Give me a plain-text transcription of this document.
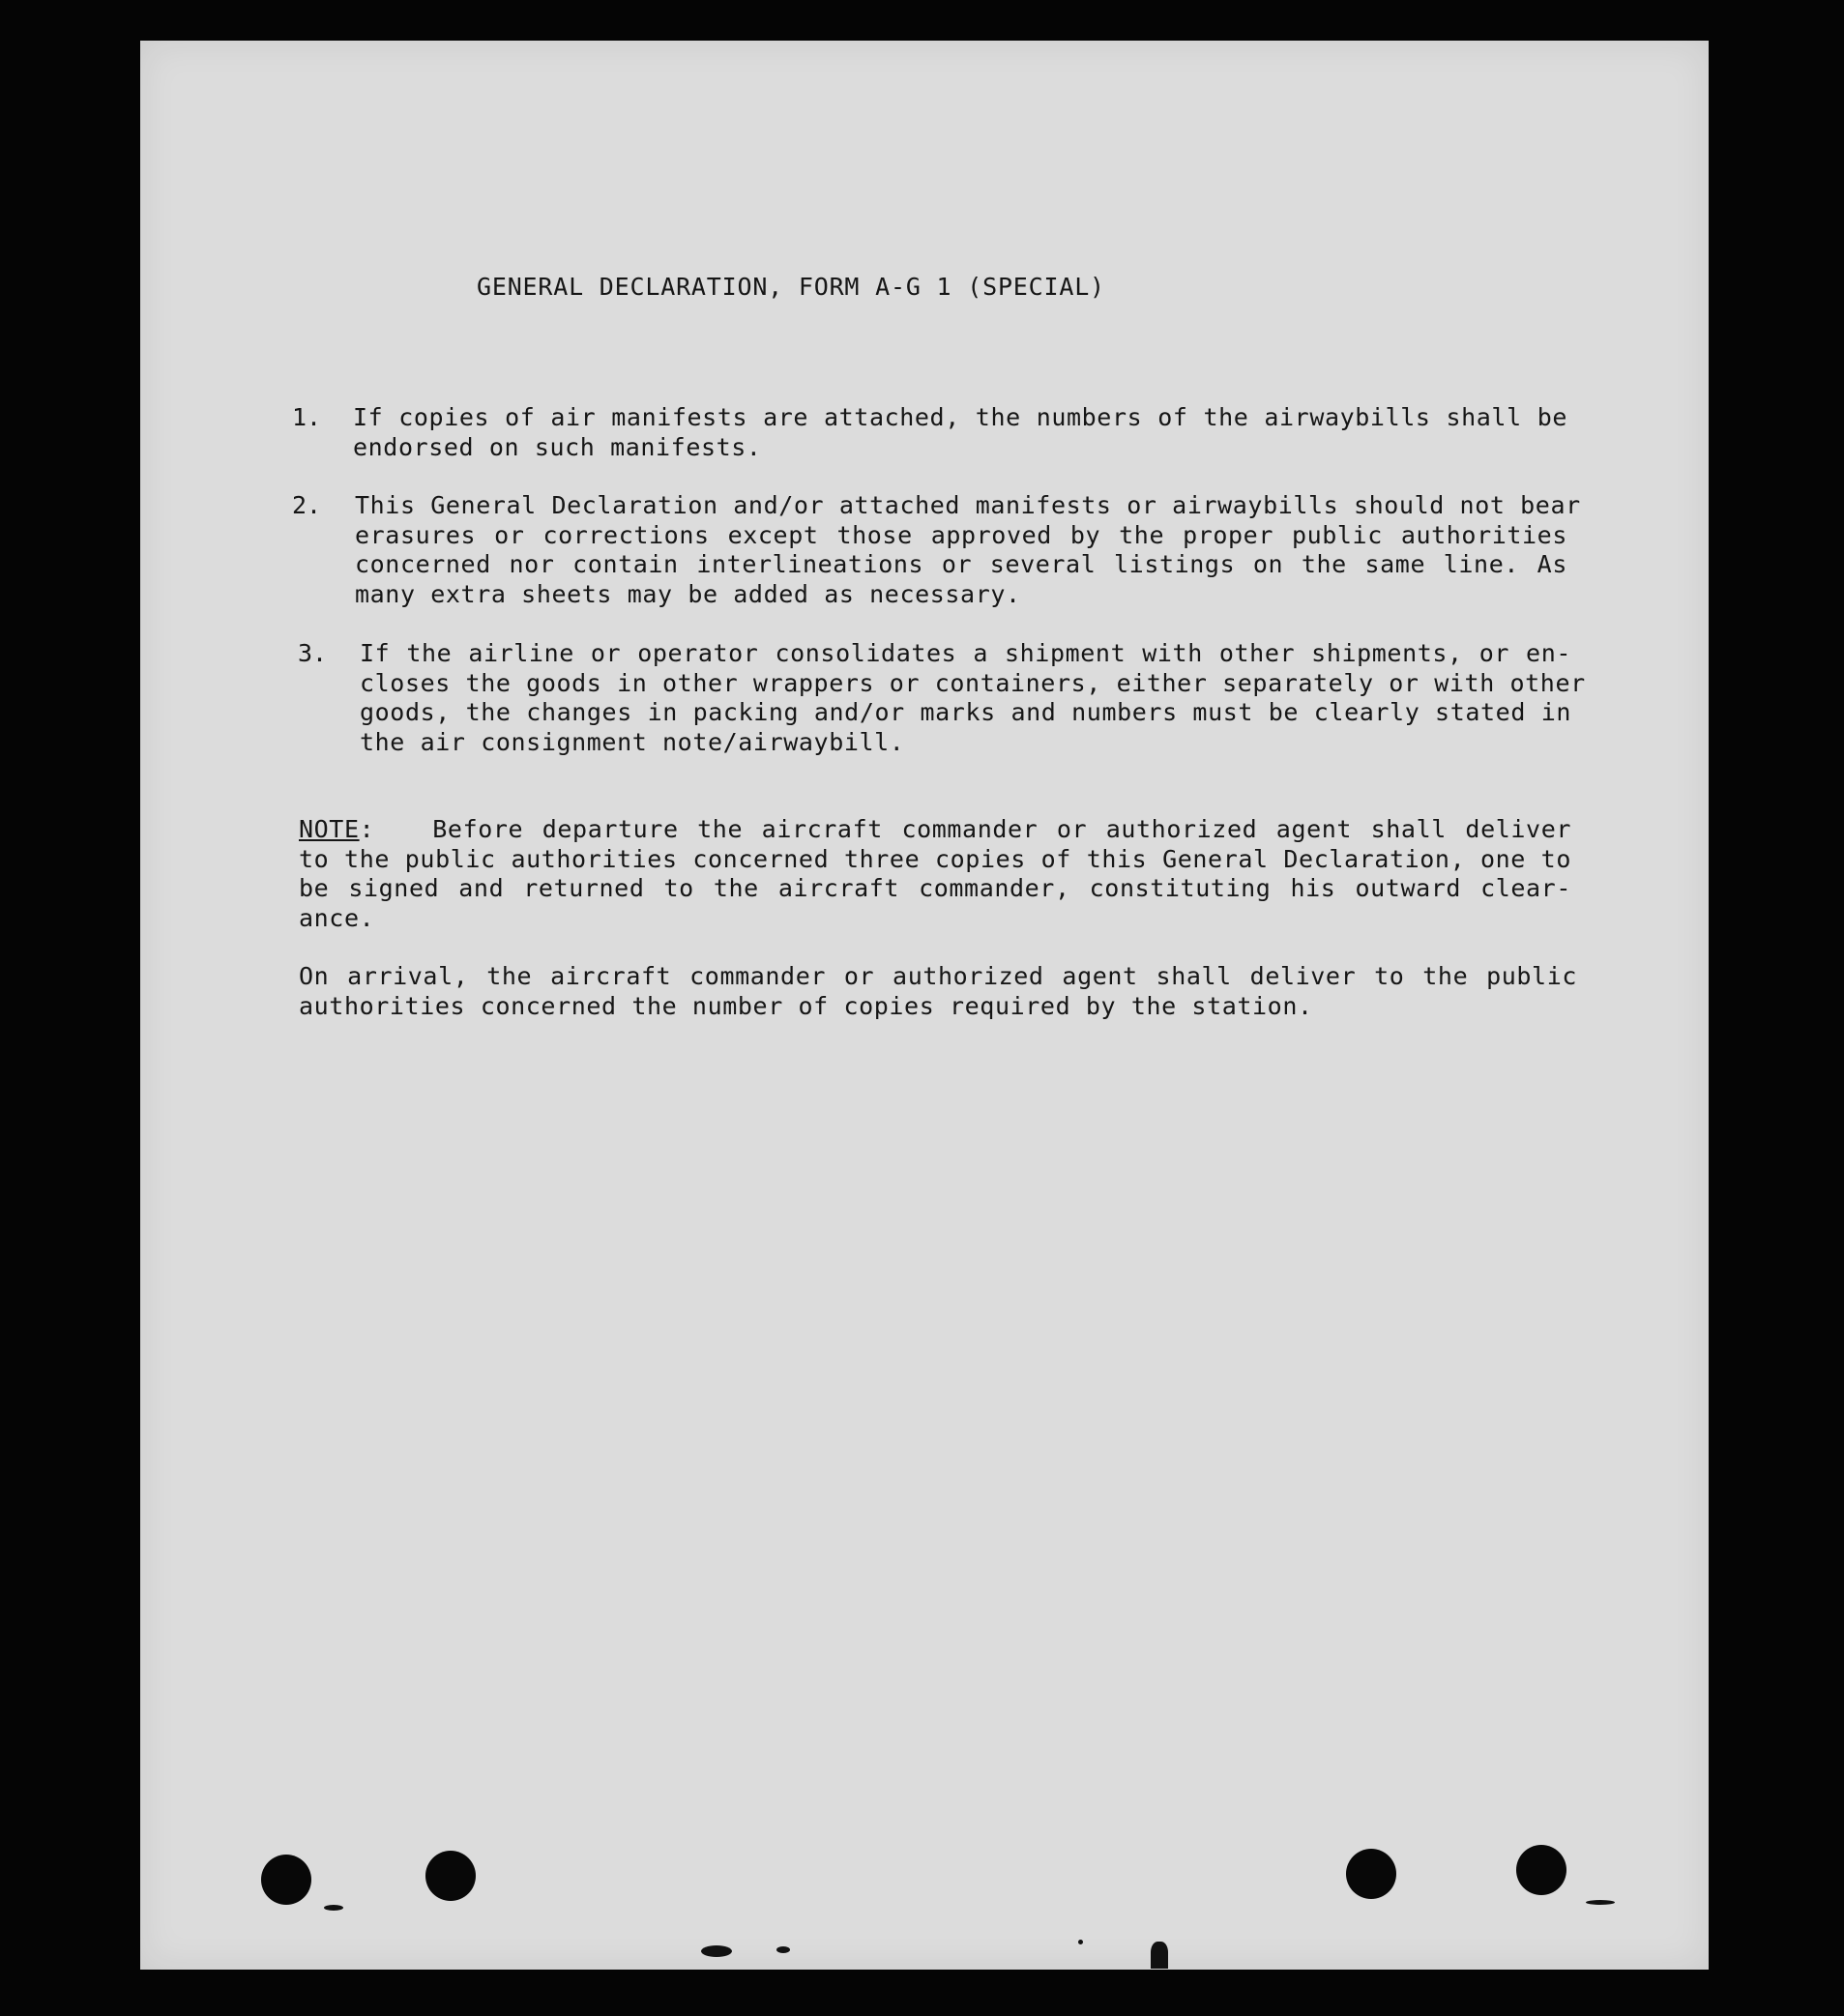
GENERAL DECLARATION, FORM A-G 1 (SPECIAL)
1. If copies of air manifests are attached, the numbers of the airwaybills shall be
endorsed on such manifests.
2. This General Declaration and/or attached manifests or airwaybills should not bear
erasures or corrections except those approved by the proper public authorities
concerned nor contain interlineations or several listings on the same line. As
many extra sheets may be added as necessary.
3. If the airline or operator consolidates a shipment with other shipments, or en-
closes the goods in other wrappers or containers, either separately or with other
goods, the changes in packing and/or marks and numbers must be clearly stated in
the air consignment note/airwaybill.
NOTE : Before departure the aircraft commander or authorized agent shall deliver
to the public authorities concerned three copies of this General Declaration, one to
be signed and returned to the aircraft commander, constituting his outward clear-
ance.
On arrival, the aircraft commander or authorized agent shall deliver to the public
authorities concerned the number of copies required by the station.
